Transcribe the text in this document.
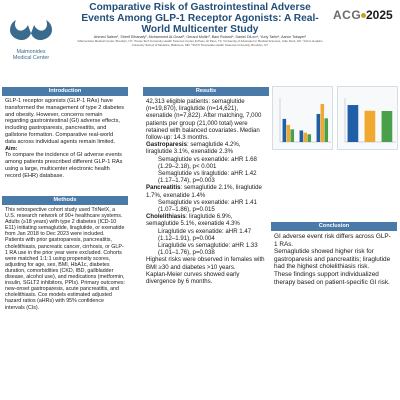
Maimonides
Medical Center
Comparative Risk of Gastrointestinal Adverse Events Among GLP-1 Receptor Agonists: A Real-World Multicenter Study
Ahmed Salem¹, Sherif Elhanafy², Mohammed Al-Onazi², Gerard Mullin³, Bani Roland⁴, Daniel DiLeo⁴, Yuriy Tarlin¹, Aaron Tokayer¹
¹Maimonides Medical Center, Brooklyn, NY; ²Texas Tech University Health Sciences Center El Paso, El Paso, TX; ³University of Arkansas for Medical Sciences, Little Rock, AR; ⁴Johns Hopkins University School of Medicine, Baltimore, MD; ⁵SUNY Downstate Health Sciences University, Brooklyn, NY
ACG 2025
Introduction
GLP-1 receptor agonists (GLP-1 RAs) have transformed the management of type 2 diabetes and obesity. However, concerns remain regarding gastrointestinal (GI) adverse effects, including gastroparesis, pancreatitis, and gallstone formation. Comparative real-world data across individual agents remain limited.
Aim:
To compare the incidence of GI adverse events among patients prescribed different GLP-1 RAs using a large, multicenter electronic health record (EHR) database.
Methods
This retrospective cohort study used TriNetX, a U.S. research network of 90+ healthcare systems. Adults (≥18 years) with type 2 diabetes (ICD-10 E11) initiating semaglutide, liraglutide, or exenatide from Jan 2018 to Dec 2023 were included. Patients with prior gastroparesis, pancreatitis, cholelithiasis, pancreatic cancer, cirrhosis, or GLP-1 RA use in the prior year were excluded. Cohorts were matched 1:1:1 using propensity scores, adjusting for age, sex, BMI, HbA1c, diabetes duration, comorbidities (CKD, IBD, gallbladder disease, alcohol use), and medications (metformin, insulin, SGLT2 inhibitors, PPIs). Primary outcomes: new-onset gastroparesis, acute pancreatitis, and cholelithiasis. Cox models estimated adjusted hazard ratios (aHRs) with 95% confidence intervals (CIs).
Results
42,313 eligible patients: semaglutide (n=19,870), liraglutide (n=14,621), exenatide (n=7,822). After matching, 7,000 patients per group (21,000 total) were retained with balanced covariates. Median follow-up: 14.3 months.
Gastroparesis: semaglutide 4.2%, liraglutide 3.1%, exenatide 2.3%
Semaglutide vs exenatide: aHR 1.68 (1.29–2.18), p< 0.001
Semaglutide vs liraglutide: aHR 1.42 (1.17–1.74), p=0.003
Pancreatitis: semaglutide 2.1%, liraglutide 1.7%, exenatide 1.4%
Semaglutide vs exenatide: aHR 1.41 (1.07–1.86), p=0.015
Cholelithiasis: liraglutide 6.9%, semaglutide 5.1%, exenatide 4.3%
Liraglutide vs exenatide: aHR 1.47 (1.12–1.91), p=0.004
Liraglutide vs semaglutide: aHR 1.33 (1.01–1.76), p=0.038
Highest risks were observed in females with BMI ≥30 and diabetes >10 years.
Kaplan-Meier curves showed early divergence by 6 months.
Conclusion
GI adverse event risk differs across GLP-1 RAs.
Semaglutide showed higher risk for gastroparesis and pancreatitis; liraglutide had the highest cholelithiasis risk.
These findings support individualized therapy based on patient-specific GI risk.
